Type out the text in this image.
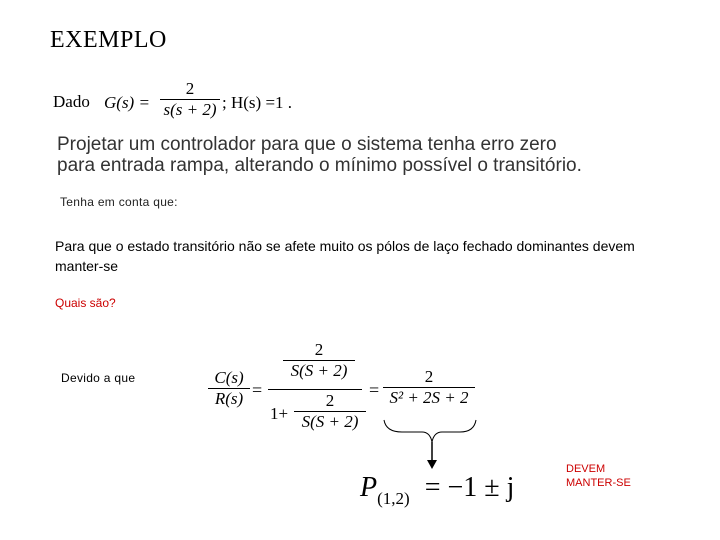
EXEMPLO
Dado G(s) =
2
s(s + 2) ; H(s) =1 .
Projetar um controlador para que o sistema tenha erro zero
para entrada rampa, alterando o mínimo possível o transitório.
Tenha em conta que:
Para que o estado transitório não se afete muito os pólos de laço fechado dominantes devem manter-se
Quais são?
Devido a que	C(s)
R(s) =
2
S(S + 2)
1+
2
S(S + 2)
=
2
S² + 2S + 2
$P_{(1,2)} = -1 \pm j$
DEVEM MANTER-SE
